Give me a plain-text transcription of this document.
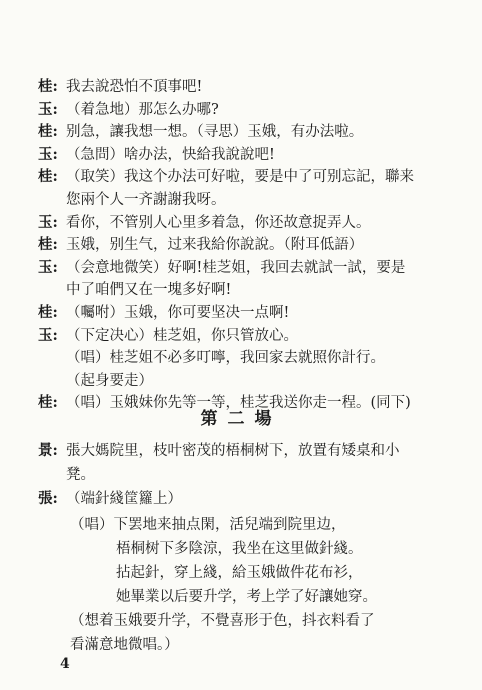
桂: 我去說恐怕不頂事吧!
玉: （着急地）那怎么办哪?
桂: 别急，讓我想一想。（寻思）玉娥，有办法啦。
玉: （急問）啥办法，快給我說說吧!
桂: （取笑）我这个办法可好啦，要是中了可别忘記，聯来
您兩个人一齐謝謝我呀。
玉: 看你，不管别人心里多着急，你还故意捉弄人。
桂: 玉娥，别生气，过来我給你說說。（附耳低語）
玉: （会意地微笑）好啊!桂芝姐，我回去就試一試，要是
中了咱們又在一塊多好啊!
桂: （囑咐）玉娥，你可要坚决一点啊!
玉: （下定决心）桂芝姐，你只管放心。
（唱）桂芝姐不必多叮嚀，我回家去就照你計行。
（起身要走）
桂: （唱）玉娥妹你先等一等，桂芝我送你走一程。(同下)
第二場
景: 張大媽院里，枝叶密茂的梧桐树下，放置有矮桌和小
凳。
張: （端針綫筐籮上）
（唱）下罢地来抽点閑，活兒端到院里边，
梧桐树下多陰涼，我坐在这里做針綫。
拈起針，穿上綫，給玉娥做件花布衫，
她畢業以后要升学，考上学了好讓她穿。
（想着玉娥要升学，不覺喜形于色，抖衣料看了
看滿意地微唱。）
4
